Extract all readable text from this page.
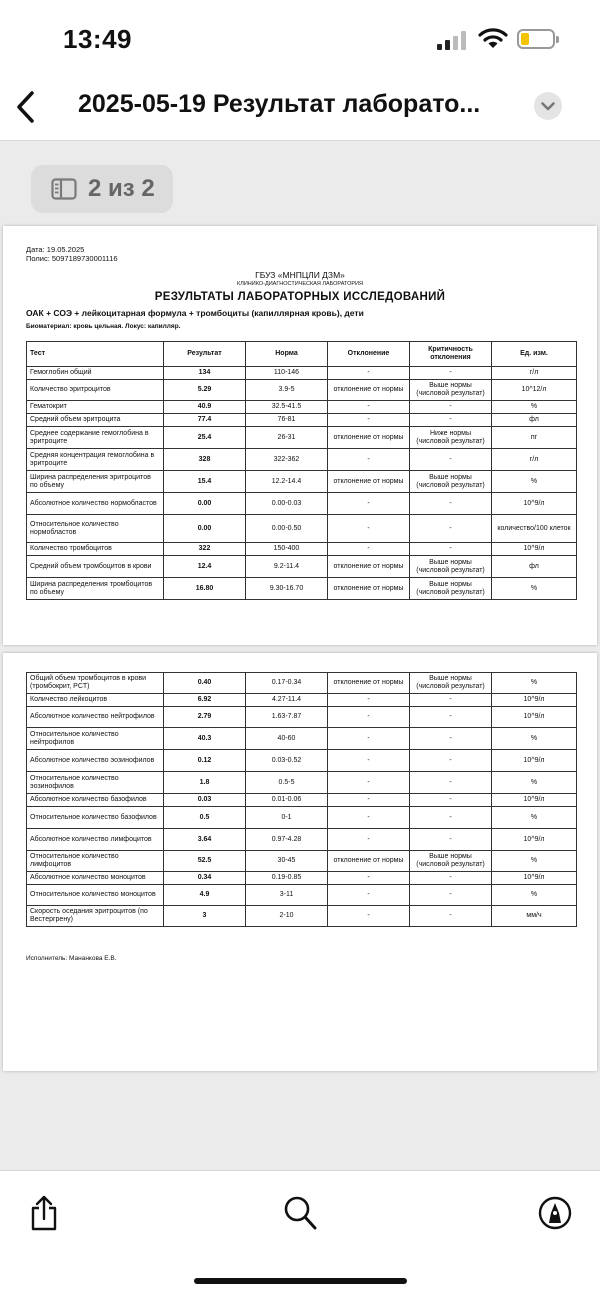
13:49
2025-05-19 Результат лаборато...
2 из 2
Дата: 19.05.2025
Полис: 5097189730001116
ГБУЗ «МНПЦЛИ ДЗМ»
КЛИНИКО-ДИАГНОСТИЧЕСКАЯ ЛАБОРАТОРИЯ
РЕЗУЛЬТАТЫ ЛАБОРАТОРНЫХ ИССЛЕДОВАНИЙ
ОАК + СОЭ + лейкоцитарная формула + тромбоциты (капиллярная кровь), дети
Биоматериал: кровь цельная. Локус: капилляр.
Тест	Результат	Норма	Отклонение	Критичность отклонения	Ед. изм.
Гемоглобин общий	134	110-146	-	-	г/л
Количество эритроцитов	5.29	3.9-5	отклонение от нормы	Выше нормы (числовой результат)	10^12/л
Гематокрит	40.9	32.5-41.5	-	-	%
Средний объем эритроцита	77.4	76-81	-	-	фл
Среднее содержание гемоглобина в эритроците	25.4	26-31	отклонение от нормы	Ниже нормы (числовой результат)	пг
Средняя концентрация гемоглобина в эритроците	328	322-362	-	-	г/л
Ширина распределения эритроцитов по объему	15.4	12.2-14.4	отклонение от нормы	Выше нормы (числовой результат)	%
Абсолютное количество нормобластов	0.00	0.00-0.03	-	-	10^9/л
Относительное количество нормобластов	0.00	0.00-0.50	-	-	количество/100 клеток
Количество тромбоцитов	322	150-400	-	-	10^9/л
Средний объем тромбоцитов в крови	12.4	9.2-11.4	отклонение от нормы	Выше нормы (числовой результат)	фл
Ширина распределения тромбоцитов по объему	16.80	9.30-16.70	отклонение от нормы	Выше нормы (числовой результат)	%
Общий объем тромбоцитов в крови (тромбокрит, PCT)	0.40	0.17-0.34	отклонение от нормы	Выше нормы (числовой результат)	%
Количество лейкоцитов	6.92	4.27-11.4	-	-	10^9/л
Абсолютное количество нейтрофилов	2.79	1.63-7.87	-	-	10^9/л
Относительное количество нейтрофилов	40.3	40-60	-	-	%
Абсолютное количество эозинофилов	0.12	0.03-0.52	-	-	10^9/л
Относительное количество эозинофилов	1.8	0.5-5	-	-	%
Абсолютное количество базофилов	0.03	0.01-0.06	-	-	10^9/л
Относительное количество базофилов	0.5	0-1	-	-	%
Абсолютное количество лимфоцитов	3.64	0.97-4.28	-	-	10^9/л
Относительное количество лимфоцитов	52.5	30-45	отклонение от нормы	Выше нормы (числовой результат)	%
Абсолютное количество моноцитов	0.34	0.19-0.85	-	-	10^9/л
Относительное количество моноцитов	4.9	3-11	-	-	%
Скорость оседания эритроцитов (по Вестергрену)	3	2-10	-	-	мм/ч
Исполнитель: Мананкова Е.В.
